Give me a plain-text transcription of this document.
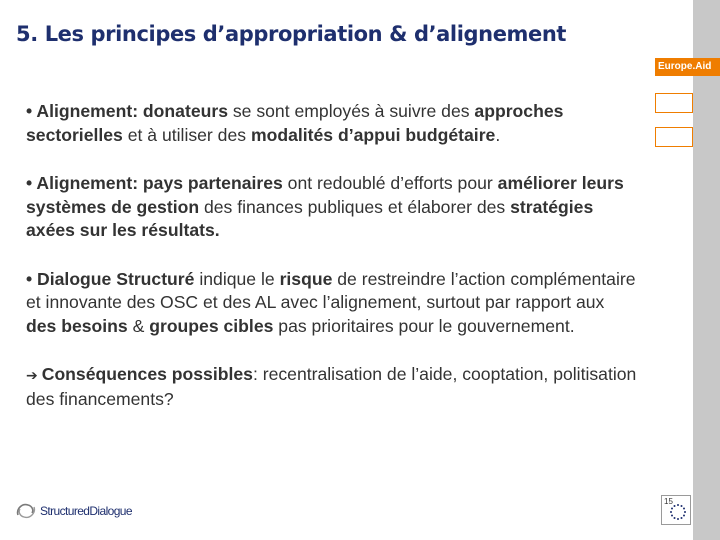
5. Les principes d’appropriation & d’alignement
Europe.Aid

• Alignement: donateurs se sont employés à suivre des approches sectorielles et à utiliser des modalités d’appui budgétaire.

• Alignement: pays partenaires ont redoublé d’efforts pour améliorer leurs systèmes de gestion des finances publiques et élaborer des stratégies axées sur les résultats.

• Dialogue Structuré indique le risque de restreindre l’action complémentaire et innovante des OSC et des AL avec l’alignement, surtout par rapport aux des besoins & groupes cibles pas prioritaires pour le gouvernement.

➔ Conséquences possibles: recentralisation de l’aide, cooptation, politisation des financements?

StructuredDialogue
15
